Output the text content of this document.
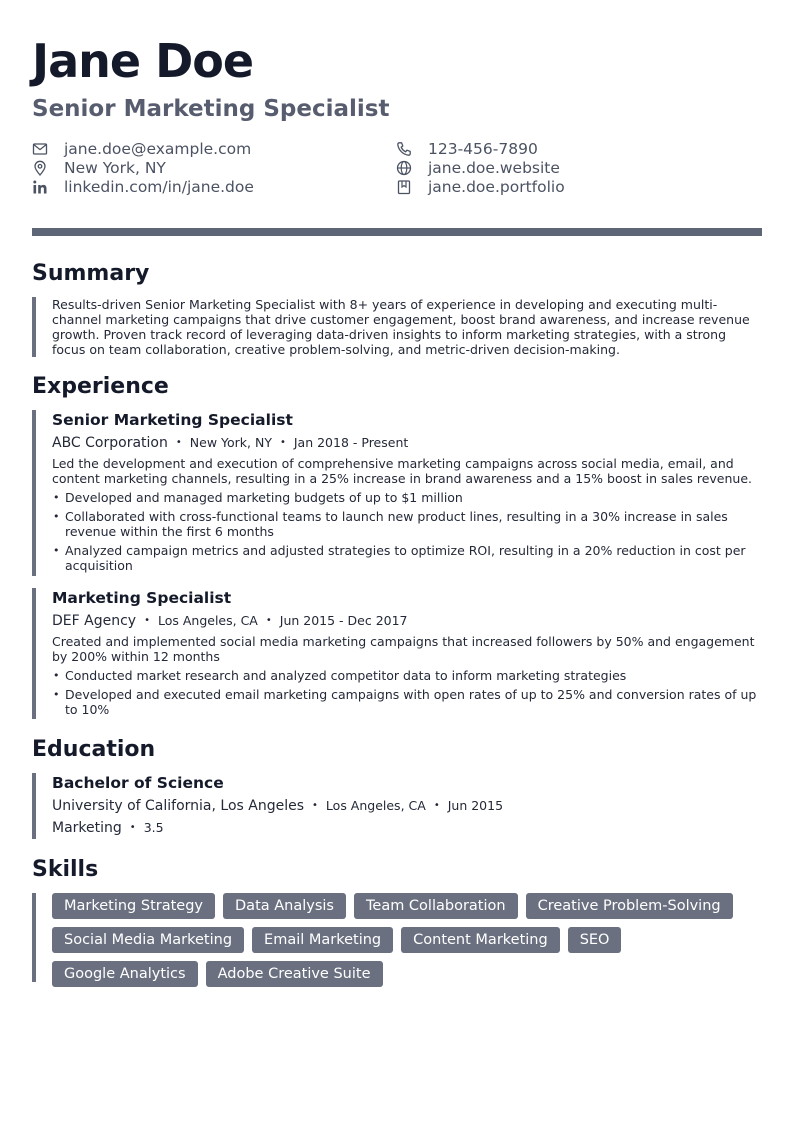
Jane Doe
Senior Marketing Specialist
jane.doe@example.com
New York, NY
linkedin.com/in/jane.doe
123-456-7890
jane.doe.website
jane.doe.portfolio
Summary
Results-driven Senior Marketing Specialist with 8+ years of experience in developing and executing multi-channel marketing campaigns that drive customer engagement, boost brand awareness, and increase revenue growth. Proven track record of leveraging data-driven insights to inform marketing strategies, with a strong focus on team collaboration, creative problem-solving, and metric-driven decision-making.
Experience
Senior Marketing Specialist
ABC Corporation • New York, NY • Jan 2018 - Present
Led the development and execution of comprehensive marketing campaigns across social media, email, and content marketing channels, resulting in a 25% increase in brand awareness and a 15% boost in sales revenue.
• Developed and managed marketing budgets of up to $1 million
• Collaborated with cross-functional teams to launch new product lines, resulting in a 30% increase in sales revenue within the first 6 months
• Analyzed campaign metrics and adjusted strategies to optimize ROI, resulting in a 20% reduction in cost per acquisition
Marketing Specialist
DEF Agency • Los Angeles, CA • Jun 2015 - Dec 2017
Created and implemented social media marketing campaigns that increased followers by 50% and engagement by 200% within 12 months
• Conducted market research and analyzed competitor data to inform marketing strategies
• Developed and executed email marketing campaigns with open rates of up to 25% and conversion rates of up to 10%
Education
Bachelor of Science
University of California, Los Angeles • Los Angeles, CA • Jun 2015
Marketing • 3.5
Skills
Marketing Strategy	Data Analysis	Team Collaboration	Creative Problem-Solving
Social Media Marketing	Email Marketing	Content Marketing	SEO
Google Analytics	Adobe Creative Suite
